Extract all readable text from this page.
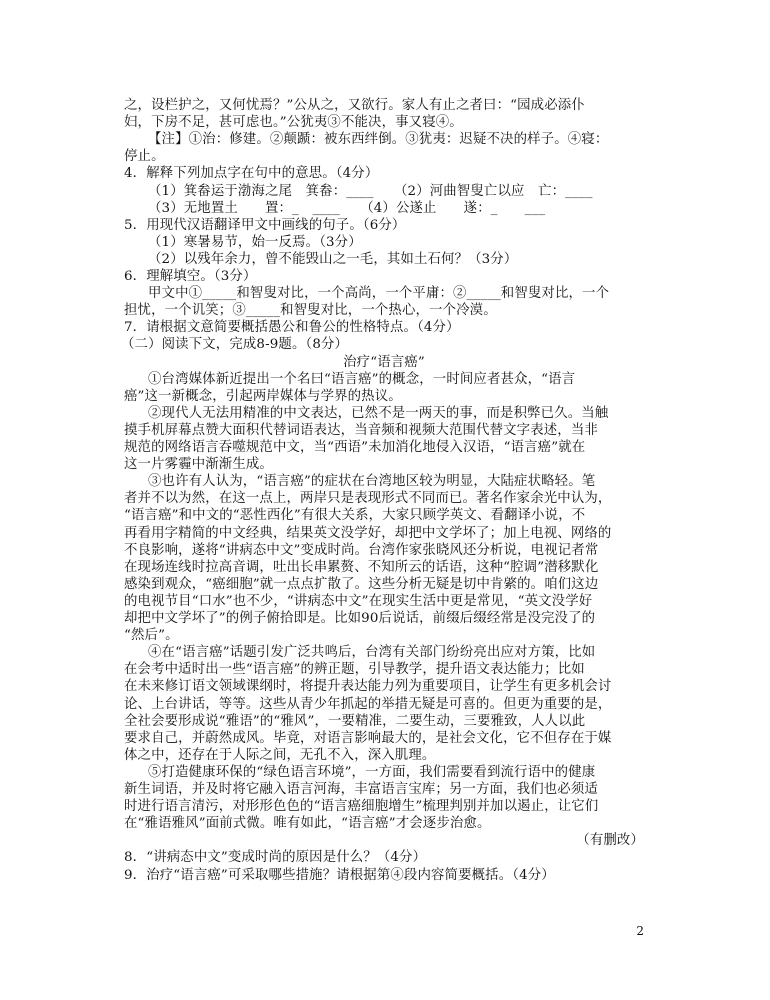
之，设栏护之，又何忧焉？”公从之，又欲行。家人有止之者曰：“园成必添仆
妇，下房不足，甚可虑也。”公犹夷③不能决，事又寝④。
【注】①治：修建。②颠踬：被东西绊倒。③犹夷：迟疑不决的样子。④寝：
停止。
4．解释下列加点字在句中的意思。（4分）
（1）箕畚运于渤海之尾　箕畚：____　　（2）河曲智叟亡以应　亡：____
（3）无地置土　　置：_　____　　（4）公遂止　　遂：_　　___
5．用现代汉语翻译甲文中画线的句子。（6分）
（1）寒暑易节，始一反焉。（3分）
（2）以残年余力，曾不能毁山之一毛，其如土石何？（3分）
6．理解填空。（3分）
甲文中①_____和智叟对比，一个高尚，一个平庸：②_____和智叟对比，一个
担忧，一个讥笑；③_____和智叟对比，一个热心，一个冷漠。
7．请根据文意简要概括愚公和鲁公的性格特点。（4分）
（二）阅读下文，完成8-9题。（8分）
治疗“语言癌”
①台湾媒体新近提出一个名曰“语言癌”的概念，一时间应者甚众，“语言
癌”这一新概念，引起两岸媒体与学界的热议。
②现代人无法用精准的中文表达，已然不是一两天的事，而是积弊已久。当触
摸手机屏幕点赞大面积代替词语表达，当音频和视频大范围代替文字表述，当非
规范的网络语言吞噬规范中文，当“西语”未加消化地侵入汉语，“语言癌”就在
这一片雾霾中渐渐生成。
③也许有人认为，“语言癌”的症状在台湾地区较为明显，大陆症状略轻。笔
者并不以为然，在这一点上，两岸只是表现形式不同而已。著名作家余光中认为，
“语言癌”和中文的“恶性西化”有很大关系，大家只顾学英文、看翻译小说，不
再看用字精简的中文经典，结果英文没学好，却把中文学坏了；加上电视、网络的
不良影响，遂将“讲病态中文”变成时尚。台湾作家张晓风还分析说，电视记者常
在现场连线时拉高音调，吐出长串累赘、不知所云的话语，这种“腔调”潜移默化
感染到观众，“癌细胞”就一点点扩散了。这些分析无疑是切中肯綮的。咱们这边
的电视节目“口水”也不少，“讲病态中文”在现实生活中更是常见，“英文没学好
却把中文学坏了”的例子俯拾即是。比如90后说话，前缀后缀经常是没完没了的
“然后”。
④在“语言癌”话题引发广泛共鸣后，台湾有关部门纷纷亮出应对方策，比如
在会考中适时出一些“语言癌”的辨正题，引导教学，提升语文表达能力；比如
在未来修订语文领域课纲时，将提升表达能力列为重要项目，让学生有更多机会讨
论、上台讲话，等等。这些从青少年抓起的举措无疑是可喜的。但更为重要的是，
全社会要形成说“雅语”的“雅风”，一要精准，二要生动，三要雅致，人人以此
要求自己，并蔚然成风。毕竟，对语言影响最大的，是社会文化，它不但存在于媒
体之中，还存在于人际之间，无孔不入，深入肌理。
⑤打造健康环保的“绿色语言环境”，一方面，我们需要看到流行语中的健康
新生词语，并及时将它融入语言河海，丰富语言宝库；另一方面，我们也必须适
时进行语言清污，对形形色色的“语言癌细胞增生”梳理判别并加以遏止，让它们
在“雅语雅风”面前式微。唯有如此，“语言癌”才会逐步治愈。
（有删改）
8．“讲病态中文”变成时尚的原因是什么？（4分）
9．治疗“语言癌”可采取哪些措施？请根据第④段内容简要概括。（4分）
2
